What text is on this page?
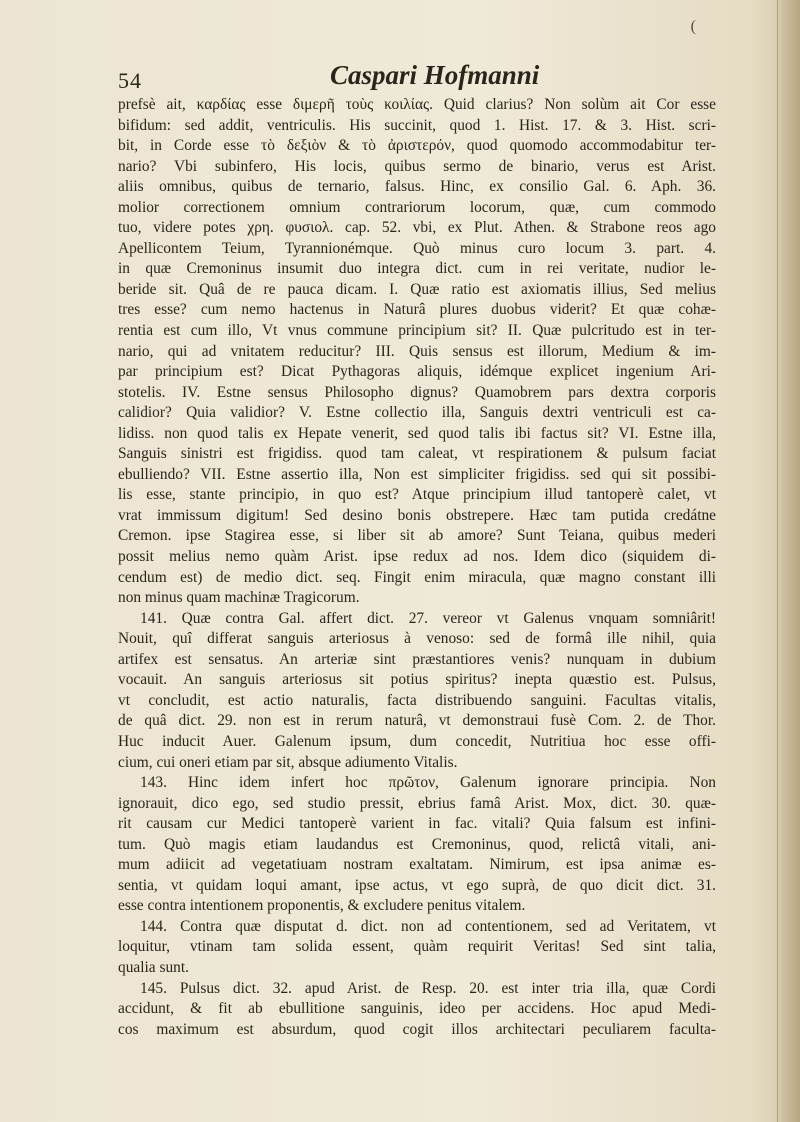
(
54	Caspari Hofmanni

prefsè ait, καρδίας esse διμερῆ τοὺς κοιλίας. Quid clarius? Non solùm ait Cor esse

bifidum: sed addit, ventriculis. His succinit, quod 1. Hist. 17. & 3. Hist. scri-

bit, in Corde esse τὸ δεξιὸν & τὸ ἀριστερόν, quod quomodo accommodabitur ter-

nario? Vbi subinfero, His locis, quibus sermo de binario, verus est Arist.

aliis omnibus, quibus de ternario, falsus. Hinc, ex consilio Gal. 6. Aph. 36.

molior correctionem omnium contrariorum locorum, quæ, cum commodo

tuo, videre potes χρη. φυσιολ. cap. 52. vbi, ex Plut. Athen. & Strabone reos ago

Apellicontem Teium, Tyrannionémque. Quò minus curo locum 3. part. 4.

in quæ Cremoninus insumit duo integra dict. cum in rei veritate, nudior le-

beride sit. Quâ de re pauca dicam. I. Quæ ratio est axiomatis illius, Sed melius

tres esse? cum nemo hactenus in Naturâ plures duobus viderit? Et quæ cohæ-

rentia est cum illo, Vt vnus commune principium sit? II. Quæ pulcritudo est in ter-

nario, qui ad vnitatem reducitur? III. Quis sensus est illorum, Medium & im-

par principium est? Dicat Pythagoras aliquis, idémque explicet ingenium Ari-

stotelis. IV. Estne sensus Philosopho dignus? Quamobrem pars dextra corporis

calidior? Quia validior? V. Estne collectio illa, Sanguis dextri ventriculi est ca-

lidiss. non quod talis ex Hepate venerit, sed quod talis ibi factus sit? VI. Estne illa,

Sanguis sinistri est frigidiss. quod tam caleat, vt respirationem & pulsum faciat

ebulliendo? VII. Estne assertio illa, Non est simpliciter frigidiss. sed qui sit possibi-

lis esse, stante principio, in quo est? Atque principium illud tantoperè calet, vt

vrat immissum digitum! Sed desino bonis obstrepere. Hæc tam putida credátne

Cremon. ipse Stagirea esse, si liber sit ab amore? Sunt Teiana, quibus mederi

possit melius nemo quàm Arist. ipse redux ad nos. Idem dico (siquidem di-

cendum est) de medio dict. seq. Fingit enim miracula, quæ magno constant illi

non minus quam machinæ Tragicorum.

141. Quæ contra Gal. affert dict. 27. vereor vt Galenus vnquam somniârit!

Nouit, quî differat sanguis arteriosus à venoso: sed de formâ ille nihil, quia

artifex est sensatus. An arteriæ sint præstantiores venis? nunquam in dubium

vocauit. An sanguis arteriosus sit potius spiritus? inepta quæstio est. Pulsus,

vt concludit, est actio naturalis, facta distribuendo sanguini. Facultas vitalis,

de quâ dict. 29. non est in rerum naturâ, vt demonstraui fusè Com. 2. de Thor.

Huc inducit Auer. Galenum ipsum, dum concedit, Nutritiua hoc esse offi-

cium, cui oneri etiam par sit, absque adiumento Vitalis.

143. Hinc idem infert hoc πρῶτον, Galenum ignorare principia. Non

ignorauit, dico ego, sed studio pressit, ebrius famâ Arist. Mox, dict. 30. quæ-

rit causam cur Medici tantoperè varient in fac. vitali? Quia falsum est infini-

tum. Quò magis etiam laudandus est Cremoninus, quod, relictâ vitali, ani-

mum adiicit ad vegetatiuam nostram exaltatam. Nimirum, est ipsa animæ es-

sentia, vt quidam loqui amant, ipse actus, vt ego suprà, de quo dicit dict. 31.

esse contra intentionem proponentis, & excludere penitus vitalem.

144. Contra quæ disputat d. dict. non ad contentionem, sed ad Veritatem, vt

loquitur, vtinam tam solida essent, quàm requirit Veritas! Sed sint talia,

qualia sunt.

145. Pulsus dict. 32. apud Arist. de Resp. 20. est inter tria illa, quæ Cordi

accidunt, & fit ab ebullitione sanguinis, ideo per accidens. Hoc apud Medi-

cos maximum est absurdum, quod cogit illos architectari peculiarem faculta-
